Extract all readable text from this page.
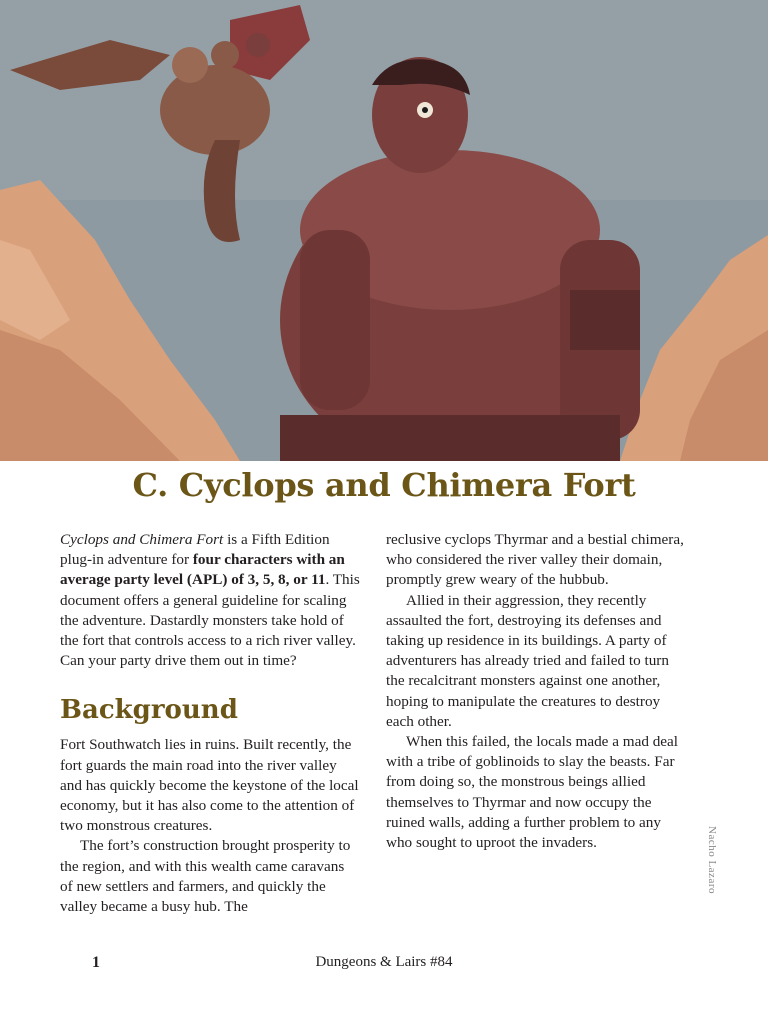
C. Cyclops and Chimera Fort

Cyclops and Chimera Fort is a Fifth Edition plug-in adventure for four characters with an average party level (APL) of 3, 5, 8, or 11. This document offers a general guideline for scaling the adventure. Dastardly monsters take hold of the fort that controls access to a rich river valley. Can your party drive them out in time?

Background

Fort Southwatch lies in ruins. Built recently, the fort guards the main road into the river valley and has quickly become the keystone of the local economy, but it has also come to the attention of two monstrous creatures.

The fort’s construction brought prosperity to the region, and with this wealth came caravans of new settlers and farmers, and quickly the valley became a busy hub. The

reclusive cyclops Thyrmar and a bestial chimera, who considered the river valley their domain, promptly grew weary of the hubbub.

Allied in their aggression, they recently assaulted the fort, destroying its defenses and taking up residence in its buildings. A party of adventurers has already tried and failed to turn the recalcitrant monsters against one another, hoping to manipulate the creatures to destroy each other.

When this failed, the locals made a mad deal with a tribe of goblinoids to slay the beasts. Far from doing so, the monstrous beings allied themselves to Thyrmar and now occupy the ruined walls, adding a further problem to any who sought to uproot the invaders.	Nacho Lazaro
Dungeons & Lairs #84
1
